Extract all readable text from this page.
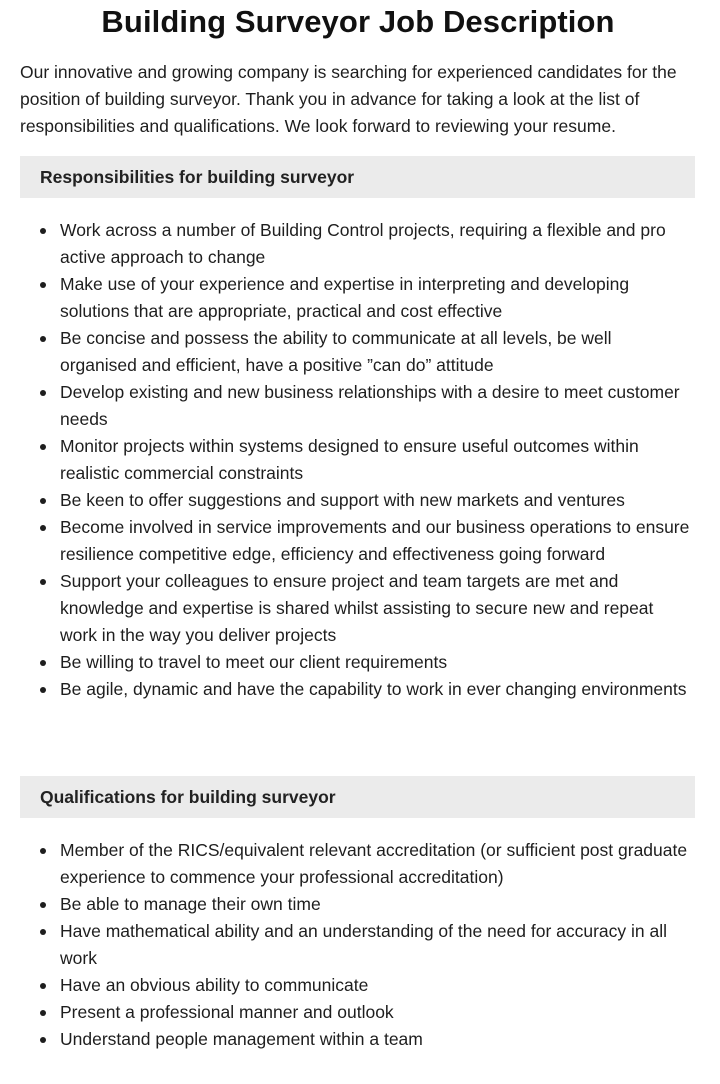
Building Surveyor Job Description

Our innovative and growing company is searching for experienced candidates for the position of building surveyor. Thank you in advance for taking a look at the list of responsibilities and qualifications. We look forward to reviewing your resume.

Responsibilities for building surveyor
Work across a number of Building Control projects, requiring a flexible and pro active approach to change
Make use of your experience and expertise in interpreting and developing solutions that are appropriate, practical and cost effective
Be concise and possess the ability to communicate at all levels, be well organised and efficient, have a positive ”can do” attitude
Develop existing and new business relationships with a desire to meet customer needs
Monitor projects within systems designed to ensure useful outcomes within realistic commercial constraints
Be keen to offer suggestions and support with new markets and ventures
Become involved in service improvements and our business operations to ensure resilience competitive edge, efficiency and effectiveness going forward
Support your colleagues to ensure project and team targets are met and knowledge and expertise is shared whilst assisting to secure new and repeat work in the way you deliver projects
Be willing to travel to meet our client requirements
Be agile, dynamic and have the capability to work in ever changing environments
Qualifications for building surveyor
Member of the RICS/equivalent relevant accreditation (or sufficient post graduate experience to commence your professional accreditation)
Be able to manage their own time
Have mathematical ability and an understanding of the need for accuracy in all work
Have an obvious ability to communicate
Present a professional manner and outlook
Understand people management within a team
